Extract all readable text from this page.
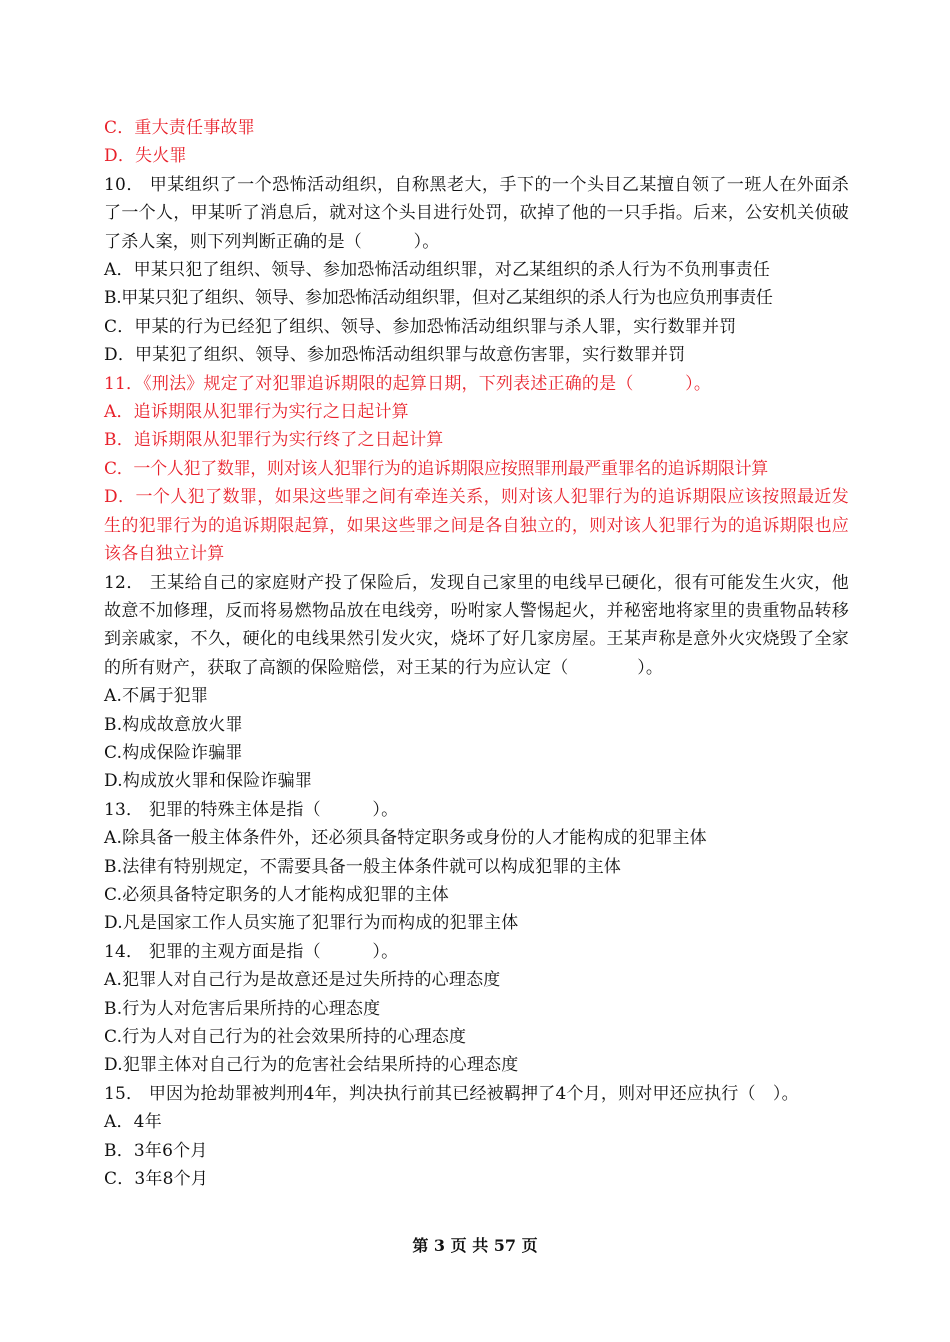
C．重大责任事故罪
D．失火罪
10． 甲某组织了一个恐怖活动组织，自称黑老大，手下的一个头目乙某擅自领了一班人在外面杀了一个人，甲某听了消息后，就对这个头目进行处罚，砍掉了他的一只手指。后来，公安机关侦破了杀人案，则下列判断正确的是（　　　）。
A．甲某只犯了组织、领导、参加恐怖活动组织罪，对乙某组织的杀人行为不负刑事责任
B.甲某只犯了组织、领导、参加恐怖活动组织罪，但对乙某组织的杀人行为也应负刑事责任
C．甲某的行为已经犯了组织、领导、参加恐怖活动组织罪与杀人罪，实行数罪并罚
D．甲某犯了组织、领导、参加恐怖活动组织罪与故意伤害罪，实行数罪并罚
11．《刑法》规定了对犯罪追诉期限的起算日期，下列表述正确的是（　　　）。
A．追诉期限从犯罪行为实行之日起计算
B．追诉期限从犯罪行为实行终了之日起计算
C．一个人犯了数罪，则对该人犯罪行为的追诉期限应按照罪刑最严重罪名的追诉期限计算
D．一个人犯了数罪，如果这些罪之间有牵连关系，则对该人犯罪行为的追诉期限应该按照最近发生的犯罪行为的追诉期限起算，如果这些罪之间是各自独立的，则对该人犯罪行为的追诉期限也应该各自独立计算
12． 王某给自己的家庭财产投了保险后，发现自己家里的电线早已硬化，很有可能发生火灾，他故意不加修理，反而将易燃物品放在电线旁，吩咐家人警惕起火，并秘密地将家里的贵重物品转移到亲戚家，不久，硬化的电线果然引发火灾，烧坏了好几家房屋。王某声称是意外火灾烧毁了全家的所有财产，获取了高额的保险赔偿，对王某的行为应认定（　　　　）。
A.不属于犯罪
B.构成故意放火罪
C.构成保险诈骗罪
D.构成放火罪和保险诈骗罪
13． 犯罪的特殊主体是指（　　　）。
A.除具备一般主体条件外，还必须具备特定职务或身份的人才能构成的犯罪主体
B.法律有特别规定，不需要具备一般主体条件就可以构成犯罪的主体
C.必须具备特定职务的人才能构成犯罪的主体
D.凡是国家工作人员实施了犯罪行为而构成的犯罪主体
14． 犯罪的主观方面是指（　　　）。
A.犯罪人对自己行为是故意还是过失所持的心理态度
B.行为人对危害后果所持的心理态度
C.行为人对自己行为的社会效果所持的心理态度
D.犯罪主体对自己行为的危害社会结果所持的心理态度
15． 甲因为抢劫罪被判刑4年，判决执行前其已经被羁押了4个月，则对甲还应执行（　）。
A．4年
B．3年6个月
C．3年8个月
第 3 页 共 57 页
